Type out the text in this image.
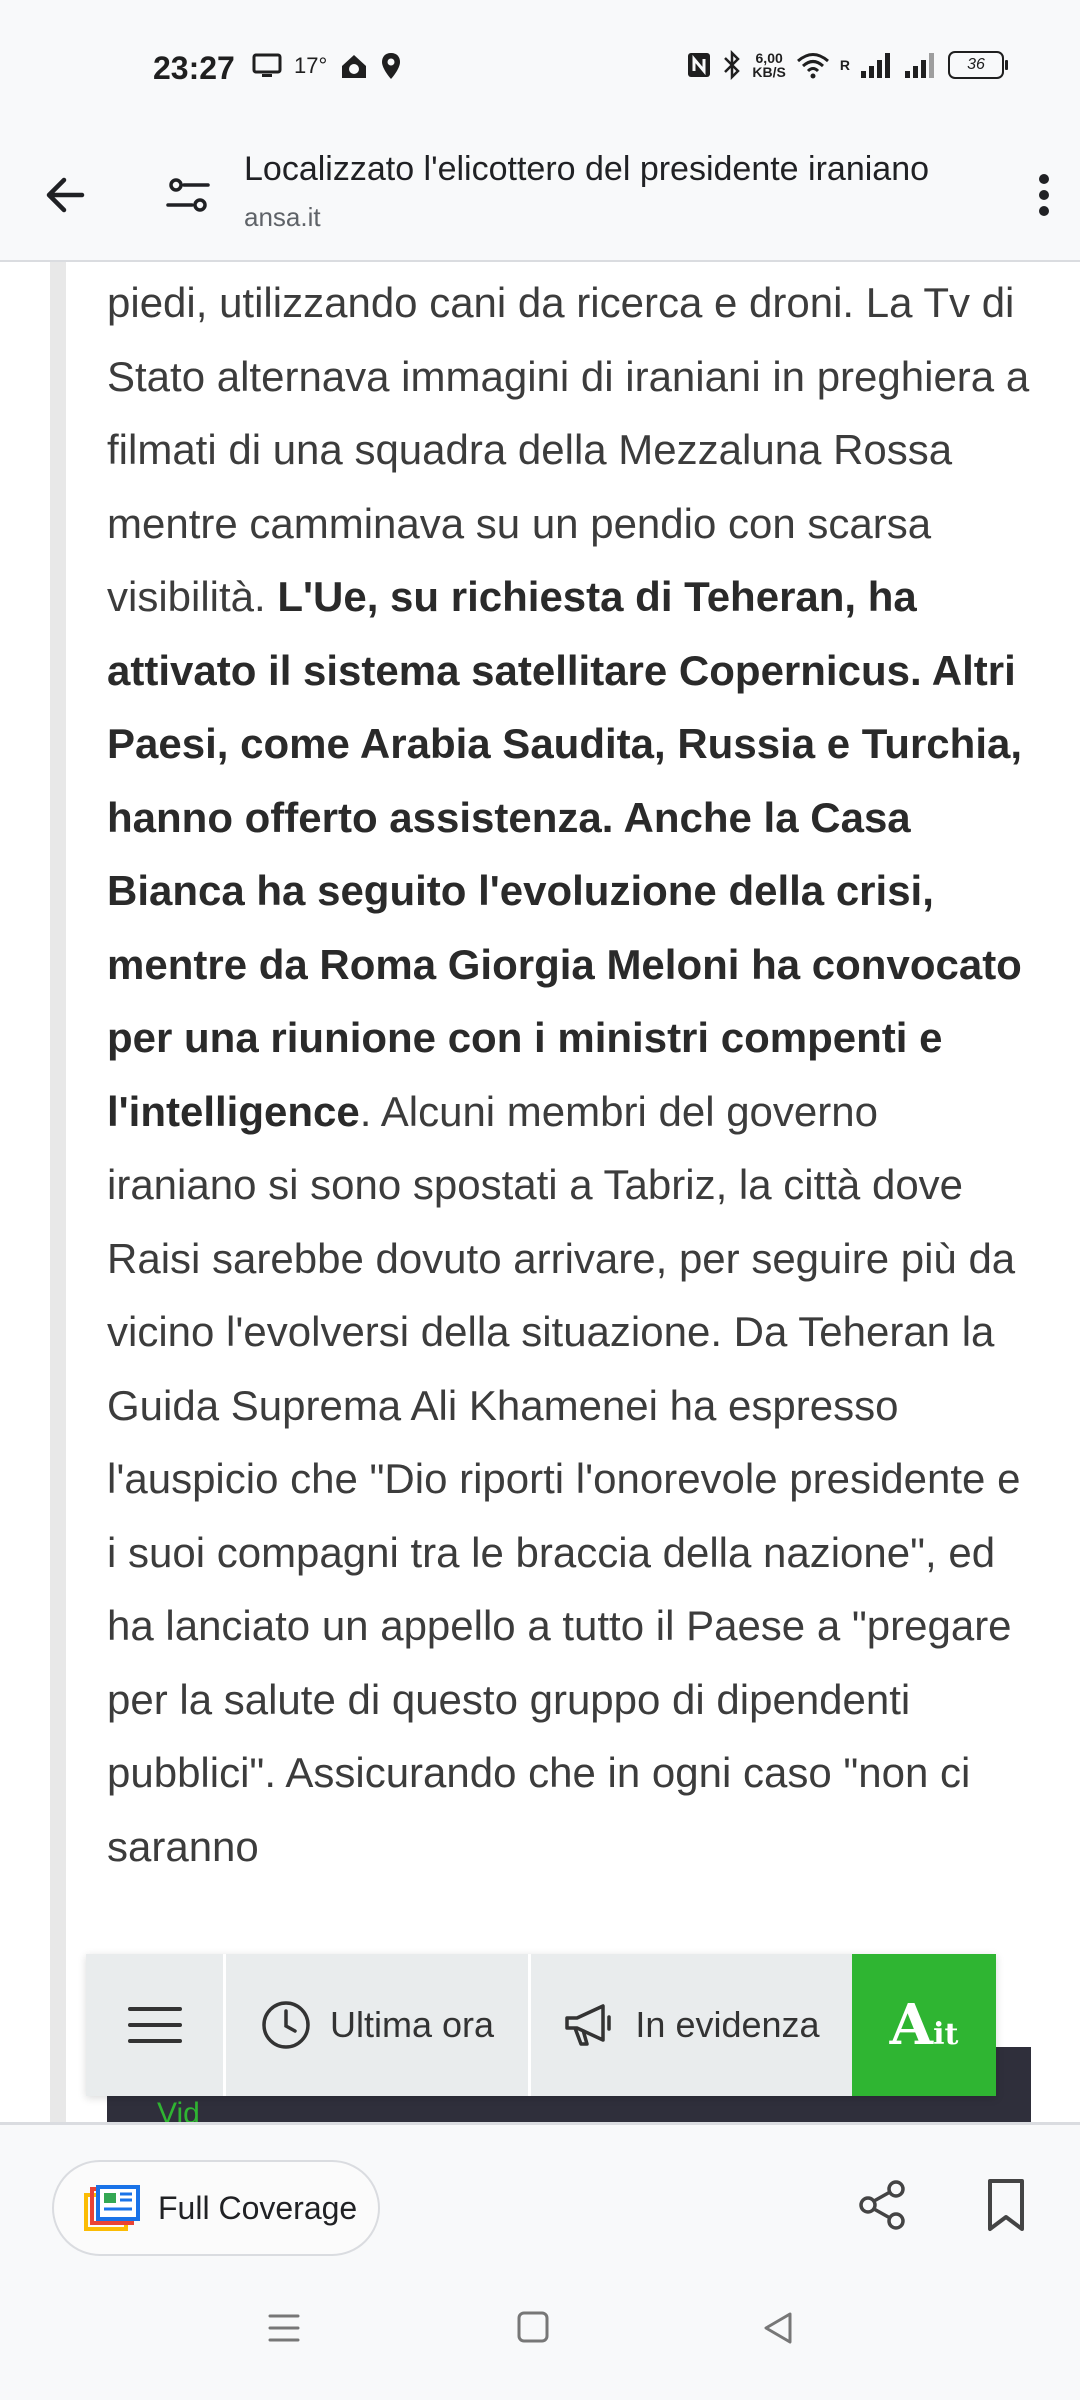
23:27	17°	6,00
KB/S	R	36
Localizzato l'elicottero del presidente iraniano
ansa.it

piedi, utilizzando cani da ricerca e droni. La Tv di Stato alternava immagini di iraniani in preghiera a filmati di una squadra della Mezzaluna Rossa mentre camminava su un pendio con scarsa visibilità. L'Ue, su richiesta di Teheran, ha attivato il sistema satellitare Copernicus. Altri Paesi, come Arabia Saudita, Russia e Turchia, hanno offerto assistenza. Anche la Casa Bianca ha seguito l'evoluzione della crisi, mentre da Roma Giorgia Meloni ha convocato per una riunione con i ministri compenti e l'intelligence. Alcuni membri del governo iraniano si sono spostati a Tabriz, la città dove Raisi sarebbe dovuto arrivare, per seguire più da vicino l'evolversi della situazione. Da Teheran la Guida Suprema Ali Khamenei ha espresso l'auspicio che "Dio riporti l'onorevole presidente e i suoi compagni tra le braccia della nazione", ed ha lanciato un appello a tutto il Paese a "pregare per la salute di questo gruppo di dipendenti pubblici". Assicurando che in ogni caso "non ci saranno

Vid
Ultima ora	In evidenza Ait
Full Coverage
